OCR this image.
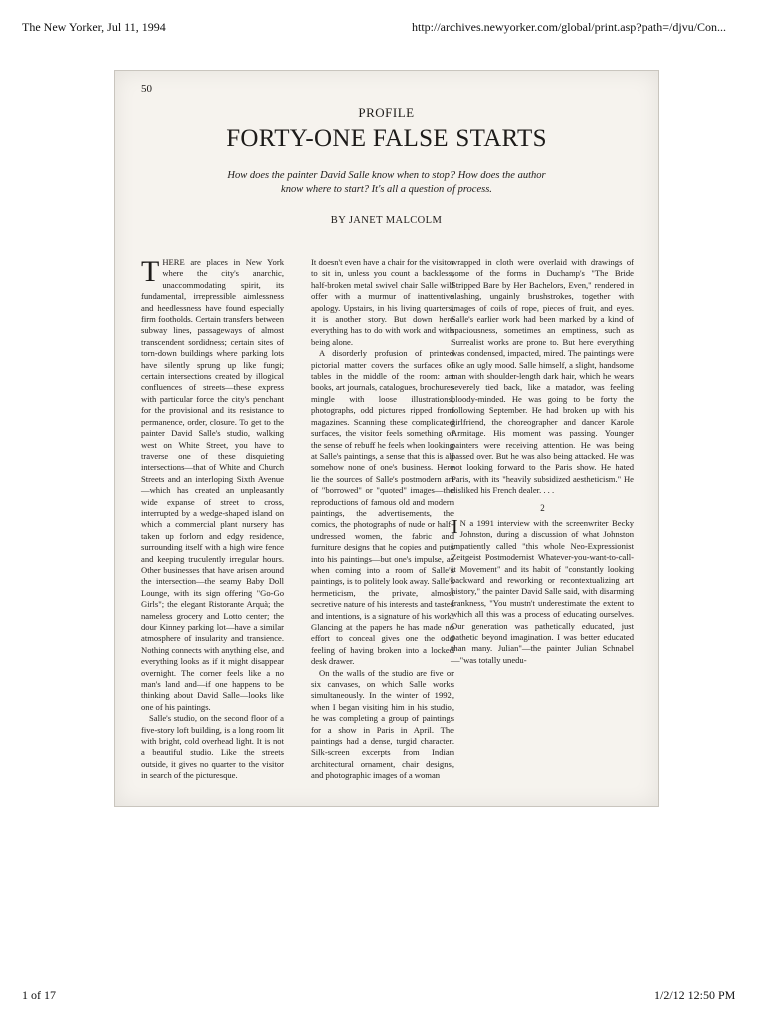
The New Yorker, Jul 11, 1994	http://archives.newyorker.com/global/print.asp?path=/djvu/Con...
50
PROFILE
FORTY-ONE FALSE STARTS
How does the painter David Salle know when to stop? How does the author know where to start? It's all a question of process.
BY JANET MALCOLM

THERE are places in New York where the city's anarchic, unaccommodating spirit, its fundamental, irrepressible aimlessness and heedlessness have found especially firm footholds. Certain transfers between subway lines, passageways of almost transcendent sordidness; certain sites of torn-down buildings where parking lots have silently sprung up like fungi; certain intersections created by illogical confluences of streets—these express with particular force the city's penchant for the provisional and its resistance to permanence, order, closure. To get to the painter David Salle's studio, walking west on White Street, you have to traverse one of these disquieting intersections—that of White and Church Streets and an interloping Sixth Avenue—which has created an unpleasantly wide expanse of street to cross, interrupted by a wedge-shaped island on which a commercial plant nursery has taken up forlorn and edgy residence, surrounding itself with a high wire fence and keeping truculently irregular hours. Other businesses that have arisen around the intersection—the seamy Baby Doll Lounge, with its sign offering "Go-Go Girls"; the elegant Ristorante Arquà; the nameless grocery and Lotto center; the dour Kinney parking lot—have a similar atmosphere of insularity and transience. Nothing connects with anything else, and everything looks as if it might disappear overnight. The corner feels like a no man's land and—if one happens to be thinking about David Salle—looks like one of his paintings.

Salle's studio, on the second floor of a five-story loft building, is a long room lit with bright, cold overhead light. It is not a beautiful studio. Like the streets outside, it gives no quarter to the visitor in search of the picturesque.

It doesn't even have a chair for the visitor to sit in, unless you count a backless, half-broken metal swivel chair Salle will offer with a murmur of inattentive apology. Upstairs, in his living quarters, it is another story. But down here everything has to do with work and with being alone.

A disorderly profusion of printed pictorial matter covers the surfaces of tables in the middle of the room: art books, art journals, catalogues, brochures mingle with loose illustrations, photographs, odd pictures ripped from magazines. Scanning these complicated surfaces, the visitor feels something of the sense of rebuff he feels when looking at Salle's paintings, a sense that this is all somehow none of one's business. Here lie the sources of Salle's postmodern art of "borrowed" or "quoted" images—the reproductions of famous old and modern paintings, the advertisements, the comics, the photographs of nude or half-undressed women, the fabric and furniture designs that he copies and puts into his paintings—but one's impulse, as when coming into a room of Salle's paintings, is to politely look away. Salle's hermeticism, the private, almost secretive nature of his interests and tastes and intentions, is a signature of his work. Glancing at the papers he has made no effort to conceal gives one the odd feeling of having broken into a locked desk drawer.

On the walls of the studio are five or six canvases, on which Salle works simultaneously. In the winter of 1992, when I began visiting him in his studio, he was completing a group of paintings for a show in Paris in April. The paintings had a dense, turgid character. Silk-screen excerpts from Indian architectural ornament, chair designs, and photographic images of a woman

wrapped in cloth were overlaid with drawings of some of the forms in Duchamp's "The Bride Stripped Bare by Her Bachelors, Even," rendered in slashing, ungainly brushstrokes, together with images of coils of rope, pieces of fruit, and eyes. Salle's earlier work had been marked by a kind of spaciousness, sometimes an emptiness, such as Surrealist works are prone to. But here everything was condensed, impacted, mired. The paintings were like an ugly mood. Salle himself, a slight, handsome man with shoulder-length dark hair, which he wears severely tied back, like a matador, was feeling bloody-minded. He was going to be forty the following September. He had broken up with his girlfriend, the choreographer and dancer Karole Armitage. His moment was passing. Younger painters were receiving attention. He was being passed over. But he was also being attacked. He was not looking forward to the Paris show. He hated Paris, with its "heavily subsidized aestheticism." He disliked his French dealer. . . .

2

I N a 1991 interview with the screenwriter Becky Johnston, during a discussion of what Johnston impatiently called "this whole Neo-Expressionist Zeitgeist Postmodernist Whatever-you-want-to-call-it Movement" and its habit of "constantly looking backward and reworking or recontextualizing art history," the painter David Salle said, with disarming frankness, "You mustn't underestimate the extent to which all this was a process of educating ourselves. Our generation was pathetically educated, just pathetic beyond imagination. I was better educated than many. Julian"—the painter Julian Schnabel—"was totally unedu-

1 of 17	1/2/12 12:50 PM
